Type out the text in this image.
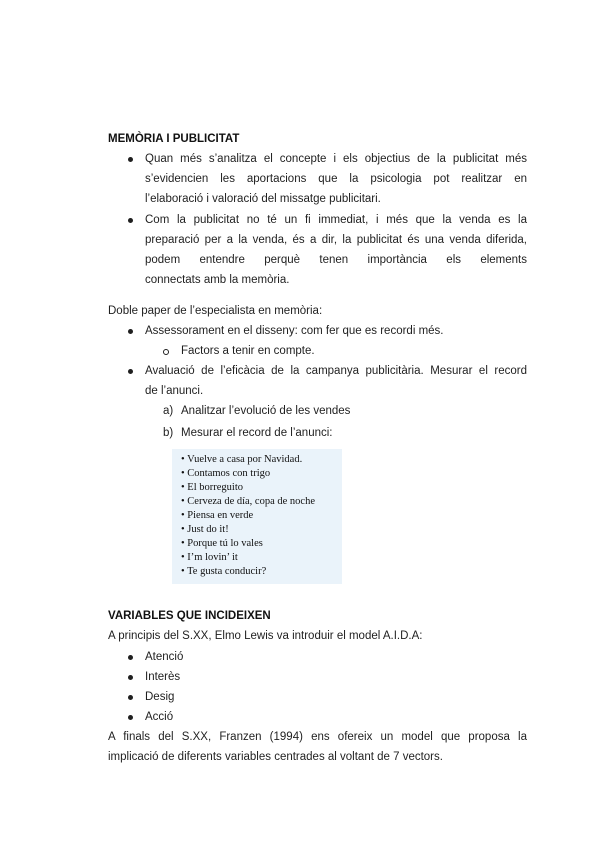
MEMÒRIA I PUBLICITAT
Quan més s’analitza el concepte i els objectius de la publicitat més
s’evidencien les aportacions que la psicologia pot realitzar en
l’elaboració i valoració del missatge publicitari.
Com la publicitat no té un fi immediat, i més que la venda es la
preparació per a la venda, és a dir, la publicitat és una venda diferida,
podem entendre perquè tenen importància els elements
connectats amb la memòria.
Doble paper de l’especialista en memòria:
Assessorament en el disseny: com fer que es recordi més.
Factors a tenir en compte.
Avaluació de l’eficàcia de la campanya publicitària. Mesurar el record
de l’anunci.
a) Analitzar l’evolució de les vendes
b) Mesurar el record de l’anunci:
• Vuelve a casa por Navidad.
• Contamos con trigo
• El borreguito
• Cerveza de día, copa de noche
• Piensa en verde
• Just do it!
• Porque tú lo vales
• I’m lovin’ it
• Te gusta conducir?
VARIABLES QUE INCIDEIXEN
A principis del S.XX, Elmo Lewis va introduir el model A.I.D.A:
Atenció
Interès
Desig
Acció
A finals del S.XX, Franzen (1994) ens ofereix un model que proposa la
implicació de diferents variables centrades al voltant de 7 vectors.
